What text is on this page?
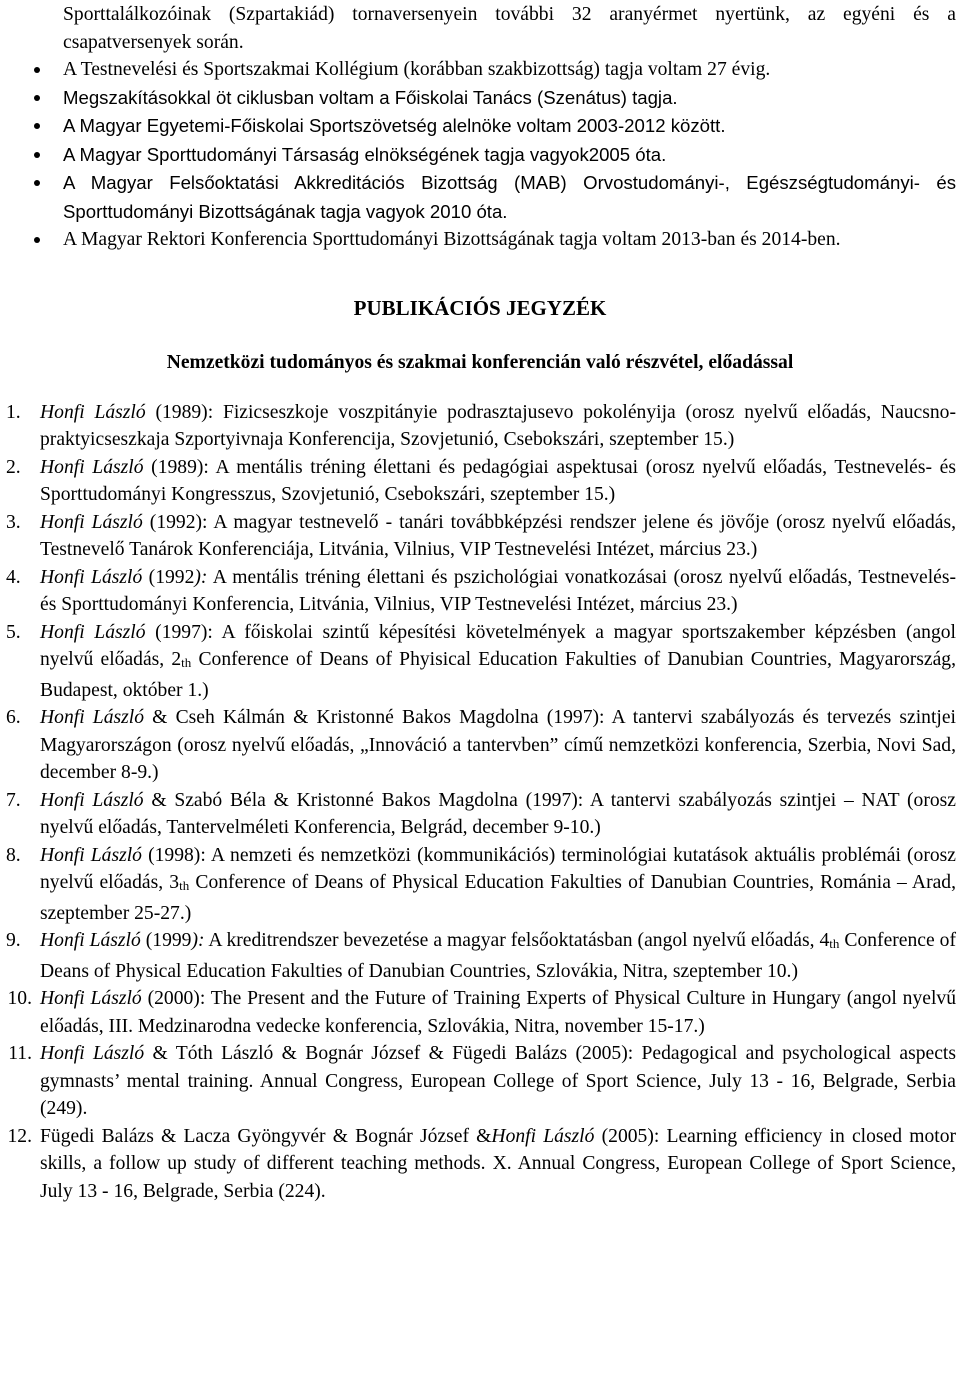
Sporttalálkozóinak (Szpartakiád) tornaversenyein további 32 aranyérmet nyertünk, az egyéni és a csapatversenyek során.
A Testnevelési és Sportszakmai Kollégium (korábban szakbizottság) tagja voltam 27 évig.
Megszakításokkal öt ciklusban voltam a Főiskolai Tanács (Szenátus) tagja.
A Magyar Egyetemi-Főiskolai Sportszövetség alelnöke voltam 2003-2012 között.
A Magyar Sporttudományi Társaság elnökségének tagja vagyok2005 óta.
A Magyar Felsőoktatási Akkreditációs Bizottság (MAB) Orvostudományi-, Egészségtudományi- és Sporttudományi Bizottságának tagja vagyok 2010 óta.
A Magyar Rektori Konferencia Sporttudományi Bizottságának tagja voltam 2013-ban és 2014-ben.
PUBLIKÁCIÓS JEGYZÉK
Nemzetközi tudományos és szakmai konferencián való részvétel, előadással
1. Honfi László (1989): Fizicseszkoje voszpitányie podrasztajusevo pokolényija (orosz nyelvű előadás, Naucsno-praktyicseszkaja Szportyivnaja Konferencija, Szovjetunió, Csebokszári, szeptember 15.)
2. Honfi László (1989): A mentális tréning élettani és pedagógiai aspektusai (orosz nyelvű előadás, Testnevelés- és Sporttudományi Kongresszus, Szovjetunió, Csebokszári, szeptember 15.)
3. Honfi László (1992): A magyar testnevelő - tanári továbbképzési rendszer jelene és jövője (orosz nyelvű előadás, Testnevelő Tanárok Konferenciája, Litvánia, Vilnius, VIP Testnevelési Intézet, március 23.)
4. Honfi László (1992): A mentális tréning élettani és pszichológiai vonatkozásai (orosz nyelvű előadás, Testnevelés- és Sporttudományi Konferencia, Litvánia, Vilnius, VIP Testnevelési Intézet, március 23.)
5. Honfi László (1997): A főiskolai szintű képesítési követelmények a magyar sportszakember képzésben (angol nyelvű előadás, $2_{th}$ Conference of Deans of Phyisical Education Fakulties of Danubian Countries, Magyarország, Budapest, október 1.)
6. Honfi László & Cseh Kálmán & Kristonné Bakos Magdolna (1997): A tantervi szabályozás és tervezés szintjei Magyarországon (orosz nyelvű előadás, „Innováció a tantervben” című nemzetközi konferencia, Szerbia, Novi Sad, december 8-9.)
7. Honfi László & Szabó Béla & Kristonné Bakos Magdolna (1997): A tantervi szabályozás szintjei – NAT (orosz nyelvű előadás, Tantervelméleti Konferencia, Belgrád, december 9-10.)
8. Honfi László (1998): A nemzeti és nemzetközi (kommunikációs) terminológiai kutatások aktuális problémái (orosz nyelvű előadás, $3_{th}$ Conference of Deans of Physical Education Fakulties of Danubian Countries, Románia – Arad, szeptember 25-27.)
9. Honfi László (1999): A kreditrendszer bevezetése a magyar felsőoktatásban (angol nyelvű előadás, $4_{th}$ Conference of Deans of Physical Education Fakulties of Danubian Countries, Szlovákia, Nitra, szeptember 10.)
10. Honfi László (2000): The Present and the Future of Training Experts of Physical Culture in Hungary (angol nyelvű előadás, III. Medzinarodna vedecke konferencia, Szlovákia, Nitra, november 15-17.)
11. Honfi László & Tóth László & Bognár József & Fügedi Balázs (2005): Pedagogical and psychological aspects gymnasts’ mental training. Annual Congress, European College of Sport Science, July 13 - 16, Belgrade, Serbia (249).
12. Fügedi Balázs & Lacza Gyöngyvér & Bognár József &Honfi László (2005): Learning efficiency in closed motor skills, a follow up study of different teaching methods. X. Annual Congress, European College of Sport Science, July 13 - 16, Belgrade, Serbia (224).
